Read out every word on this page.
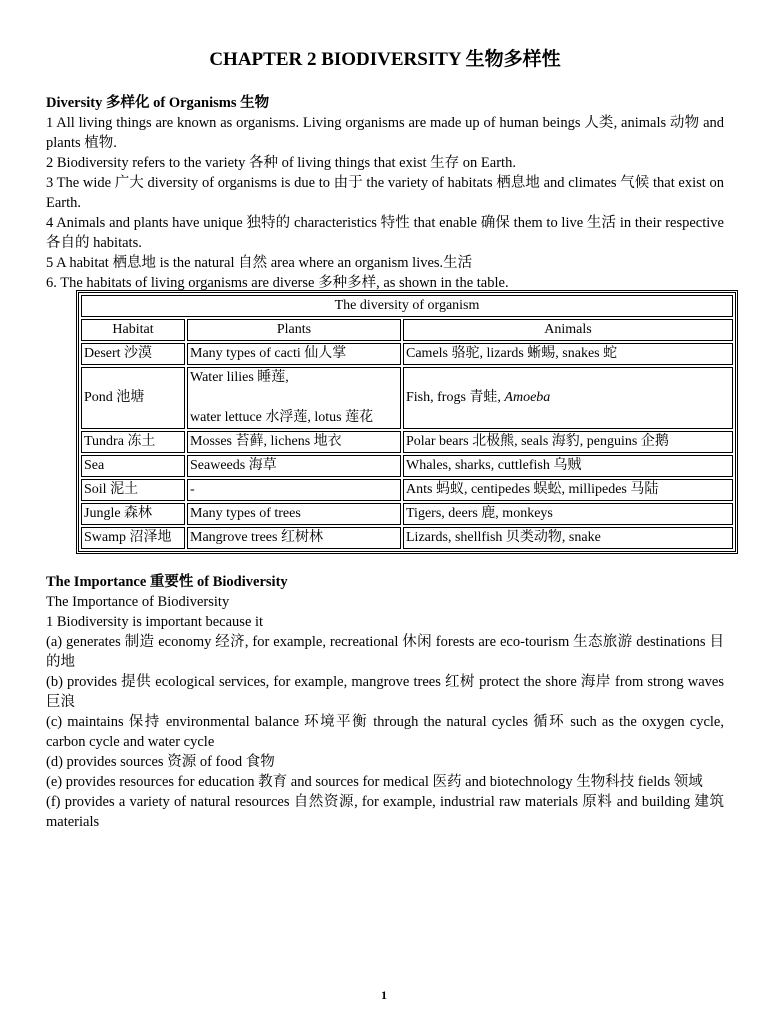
CHAPTER 2 BIODIVERSITY 生物多样性

Diversity 多样化 of Organisms 生物

1 All living things are known as organisms. Living organisms are made up of human beings 人类, animals 动物 and plants 植物.

2 Biodiversity refers to the variety 各种 of living things that exist 生存 on Earth.

3 The wide 广大 diversity of organisms is due to 由于 the variety of habitats 栖息地 and climates 气候 that exist on Earth.

4 Animals and plants have unique 独特的 characteristics 特性 that enable 确保 them to live 生活 in their respective 各自的 habitats.

5 A habitat 栖息地 is the natural 自然 area where an organism lives.生活

6. The habitats of living organisms are diverse 多种多样, as shown in the table.

The diversity of organism		
Habitat	Plants	Animals
Desert 沙漠	Many types of cacti 仙人掌	Camels 骆驼, lizards 蜥蜴, snakes 蛇
Pond 池塘	Water lilies 睡莲,
water lettuce 水浮莲, lotus 莲花	Fish, frogs 青蛙, Amoeba
Tundra 冻土	Mosses 苔藓, lichens 地衣	Polar bears 北极熊, seals 海豹, penguins 企鹅
Sea	Seaweeds 海草	Whales, sharks, cuttlefish 乌贼
Soil 泥土	-	Ants 蚂蚁, centipedes 蜈蚣, millipedes 马陆
Jungle 森林	Many types of trees	Tigers, deers 鹿, monkeys
Swamp 沼泽地	Mangrove trees 红树林	Lizards, shellfish 贝类动物, snake

The Importance 重要性 of Biodiversity

The Importance of Biodiversity

1 Biodiversity is important because it

(a) generates 制造 economy 经济, for example, recreational 休闲 forests are eco-tourism 生态旅游 destinations 目的地

(b) provides 提供 ecological services, for example, mangrove trees 红树 protect the shore 海岸 from strong waves 巨浪

(c) maintains 保持 environmental balance 环境平衡 through the natural cycles 循环 such as the oxygen cycle, carbon cycle and water cycle

(d) provides sources 资源 of food 食物

(e) provides resources for education 教育 and sources for medical 医药 and biotechnology 生物科技 fields 领域

(f) provides a variety of natural resources 自然资源, for example, industrial raw materials 原料 and building 建筑 materials

1
